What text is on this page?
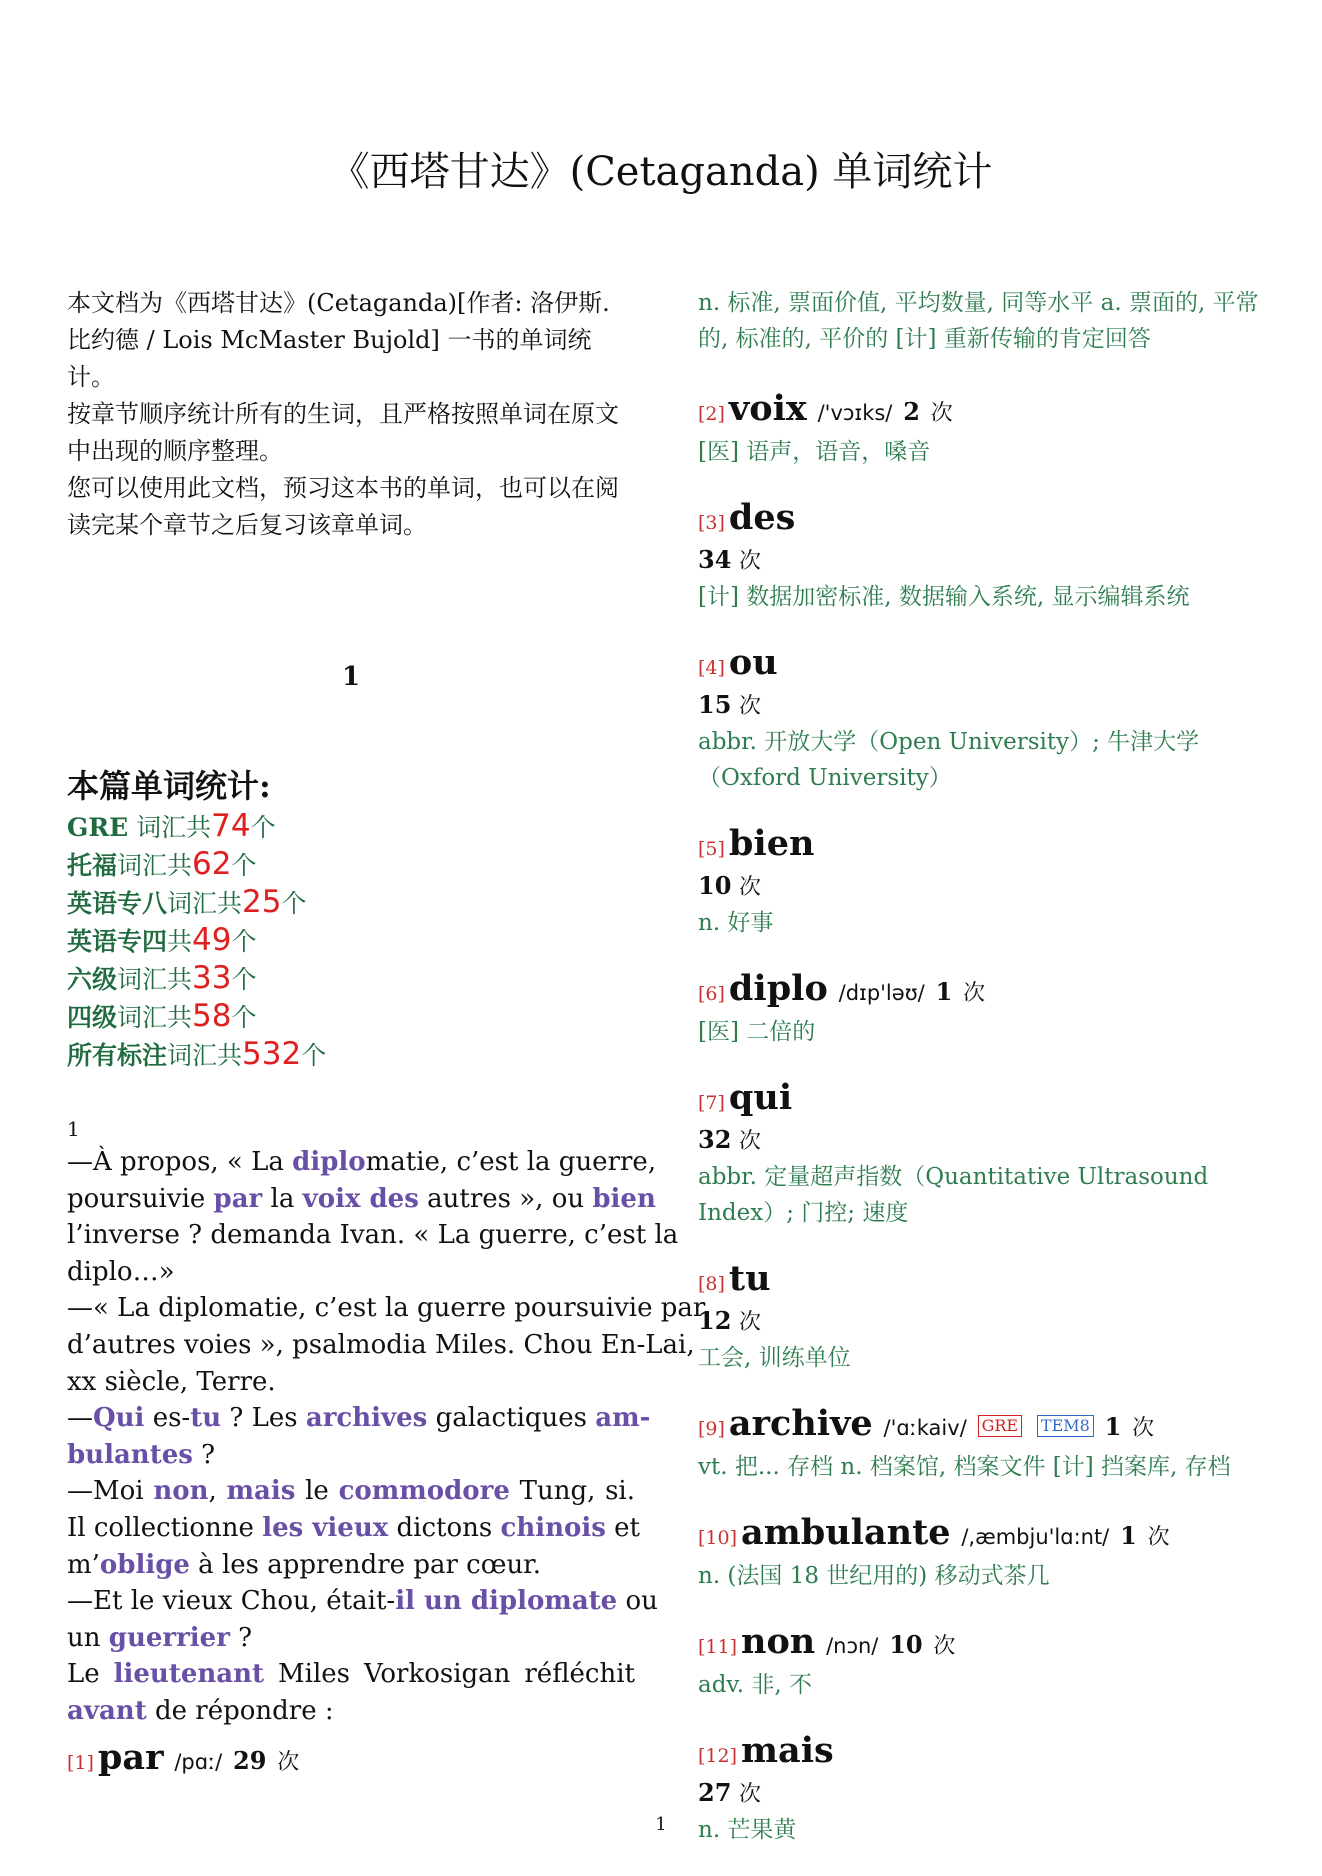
《西塔甘达》(Cetaganda) 单词统计

本文档为《西塔甘达》(Cetaganda)[作者: 洛伊斯. 比约德 / Lois McMaster Bujold] 一书的单词统计。

按章节顺序统计所有的生词，且严格按照单词在原文中出现的顺序整理。

您可以使用此文档，预习这本书的单词，也可以在阅读完某个章节之后复习该章单词。

1
本篇单词统计:
GRE 词汇共74个
托福词汇共62个
英语专八词汇共25个
英语专四共49个
六级词汇共33个
四级词汇共58个
所有标注词汇共532个
1
—À propos, « La diplomatie, c’est la guerre,
poursuivie par la voix des autres », ou bien
l’inverse ? demanda Ivan. « La guerre, c’est la
diplo…»
—« La diplomatie, c’est la guerre poursuivie par
d’autres voies », psalmodia Miles. Chou En-Lai,
xx siècle, Terre.
—Qui es-tu ? Les archives galactiques am-
bulantes ?
—Moi non, mais le commodore Tung, si.
Il collectionne les vieux dictons chinois et
m’oblige à les apprendre par cœur.
—Et le vieux Chou, était-il un diplomate ou
un guerrier ?
Le lieutenant Miles Vorkosigan réfléchit
avant de répondre :
[1] par /pɑː/ 29 次
n. 标准, 票面价值, 平均数量, 同等水平 a. 票面的, 平常的, 标准的, 平价的 [计] 重新传输的肯定回答
[2] voix /'vɔɪks/ 2 次
[医] 语声，语音，嗓音
[3] des
34 次
[计] 数据加密标准, 数据输入系统, 显示编辑系统
[4] ou
15 次
abbr. 开放大学（Open University）; 牛津大学（Oxford University）
[5] bien
10 次
n. 好事
[6] diplo /dɪp'ləʊ/ 1 次
[医] 二倍的
[7] qui
32 次
abbr. 定量超声指数（Quantitative Ultrasound Index）; 门控; 速度
[8] tu
12 次
工会, 训练单位
[9] archive /'ɑːkaiv/ GRE TEM8 1 次
vt. 把... 存档 n. 档案馆, 档案文件 [计] 挡案库, 存档
[10] ambulante /,æmbju'lɑ:nt/ 1 次
n. (法国 18 世纪用的) 移动式茶几
[11] non /nɔn/ 10 次
adv. 非, 不
[12] mais
27 次
n. 芒果黄
1
